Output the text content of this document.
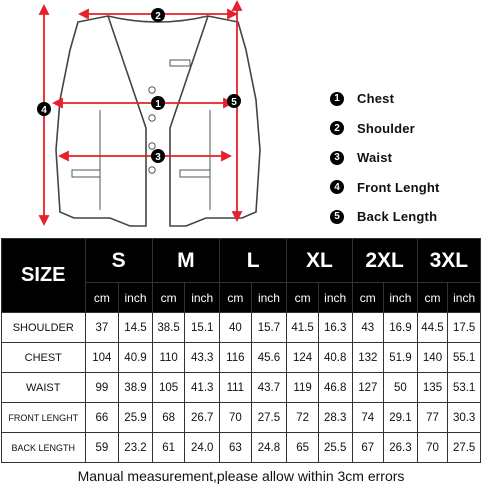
2
1
3
4
5	1	Chest
2	Shoulder
3	Waist
4	Front Lenght
5	Back Length
SIZE	S		M		L		XL		2XL		3XL	
	cm	inch	cm	inch	cm	inch	cm	inch	cm	inch	cm	inch
SHOULDER	37	14.5	38.5	15.1	40	15.7	41.5	16.3	43	16.9	44.5	17.5
CHEST	104	40.9	110	43.3	116	45.6	124	40.8	132	51.9	140	55.1
WAIST	99	38.9	105	41.3	111	43.7	119	46.8	127	50	135	53.1
FRONT LENGHT	66	25.9	68	26.7	70	27.5	72	28.3	74	29.1	77	30.3
BACK LENGTH	59	23.2	61	24.0	63	24.8	65	25.5	67	26.3	70	27.5
Manual measurement,please allow within 3cm errors
